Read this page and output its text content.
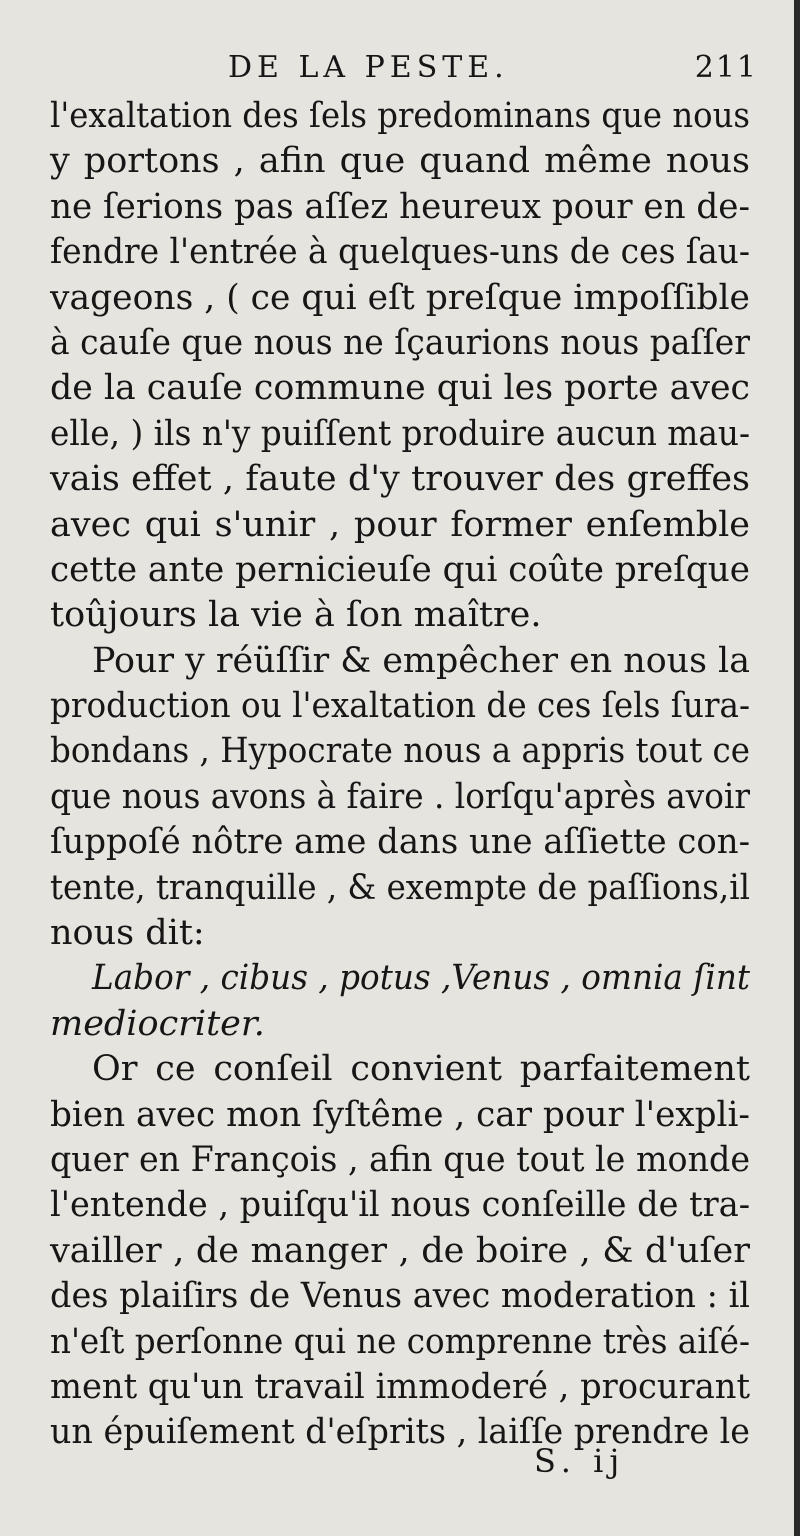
DE LA PESTE.	211
l'exaltation des ſels predominans que nous
y portons , afin que quand même nous
ne ſerions pas aſſez heureux pour en de-
fendre l'entrée à quelques-uns de ces ſau-
vageons , ( ce qui eſt preſque impoſſible
à cauſe que nous ne ſçaurions nous paſſer
de la cauſe commune qui les porte avec
elle, ) ils n'y puiſſent produire aucun mau-
vais effet , faute d'y trouver des greffes
avec qui s'unir , pour former enſemble
cette ante pernicieuſe qui coûte preſque
toûjours la vie à ſon maître.
Pour y réüſſir & empêcher en nous la
production ou l'exaltation de ces ſels ſura-
bondans , Hypocrate nous a appris tout ce
que nous avons à faire . lorſqu'après avoir
ſuppoſé nôtre ame dans une aſſiette con-
tente, tranquille , & exempte de paſſions,il
nous dit:
Labor , cibus , potus ,Venus , omnia ſint
mediocriter.
Or ce conſeil convient parfaitement
bien avec mon ſyſtême , car pour l'expli-
quer en François , afin que tout le monde
l'entende , puiſqu'il nous conſeille de tra-
vailler , de manger , de boire , & d'uſer
des plaiſirs de Venus avec moderation : il
n'eſt perſonne qui ne comprenne très aiſé-
ment qu'un travail immoderé , procurant
un épuiſement d'eſprits , laiſſe prendre le
S. ij
